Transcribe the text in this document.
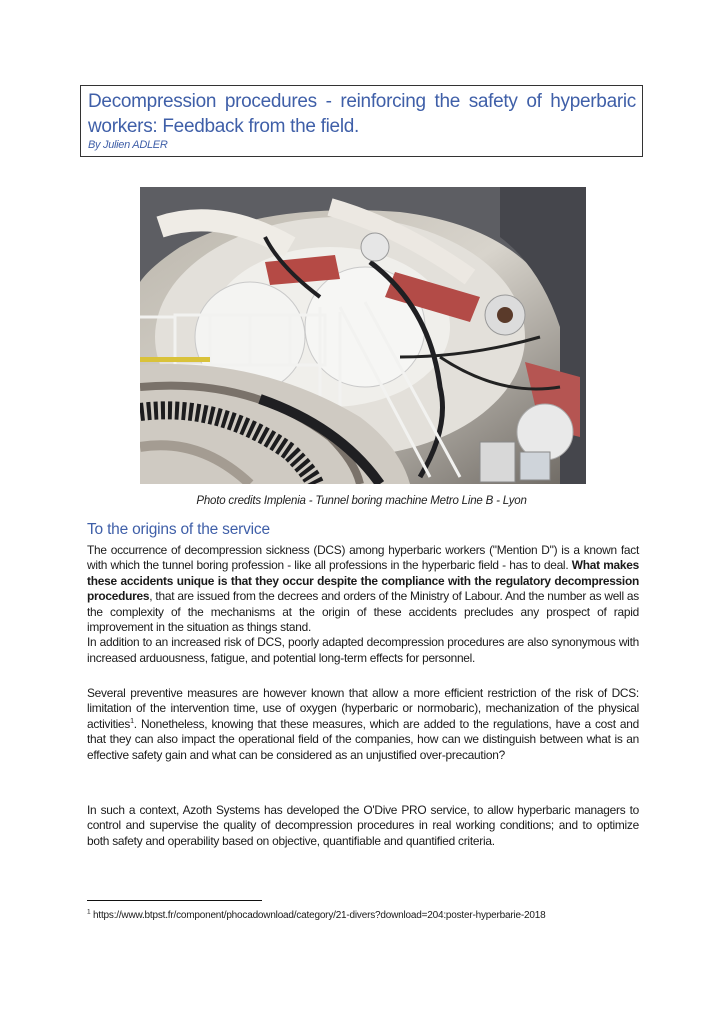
Decompression procedures - reinforcing the safety of hyperbaric workers: Feedback from the field.
By Julien ADLER
Photo credits Implenia - Tunnel boring machine Metro Line B - Lyon
To the origins of the service

The occurrence of decompression sickness (DCS) among hyperbaric workers ("Mention D") is a known fact with which the tunnel boring profession - like all professions in the hyperbaric field - has to deal. What makes these accidents unique is that they occur despite the compliance with the regulatory decompression procedures, that are issued from the decrees and orders of the Ministry of Labour. And the number as well as the complexity of the mechanisms at the origin of these accidents precludes any prospect of rapid improvement in the situation as things stand.

In addition to an increased risk of DCS, poorly adapted decompression procedures are also synonymous with increased arduousness, fatigue, and potential long-term effects for personnel.

Several preventive measures are however known that allow a more efficient restriction of the risk of DCS: limitation of the intervention time, use of oxygen (hyperbaric or normobaric), mechanization of the physical activities$^1$. Nonetheless, knowing that these measures, which are added to the regulations, have a cost and that they can also impact the operational field of the companies, how can we distinguish between what is an effective safety gain and what can be considered as an unjustified over-precaution?

In such a context, Azoth Systems has developed the O'Dive PRO service, to allow hyperbaric managers to control and supervise the quality of decompression procedures in real working conditions; and to optimize both safety and operability based on objective, quantifiable and quantified criteria.

$^1$ https://www.btpst.fr/component/phocadownload/category/21-divers?download=204:poster-hyperbarie-2018
